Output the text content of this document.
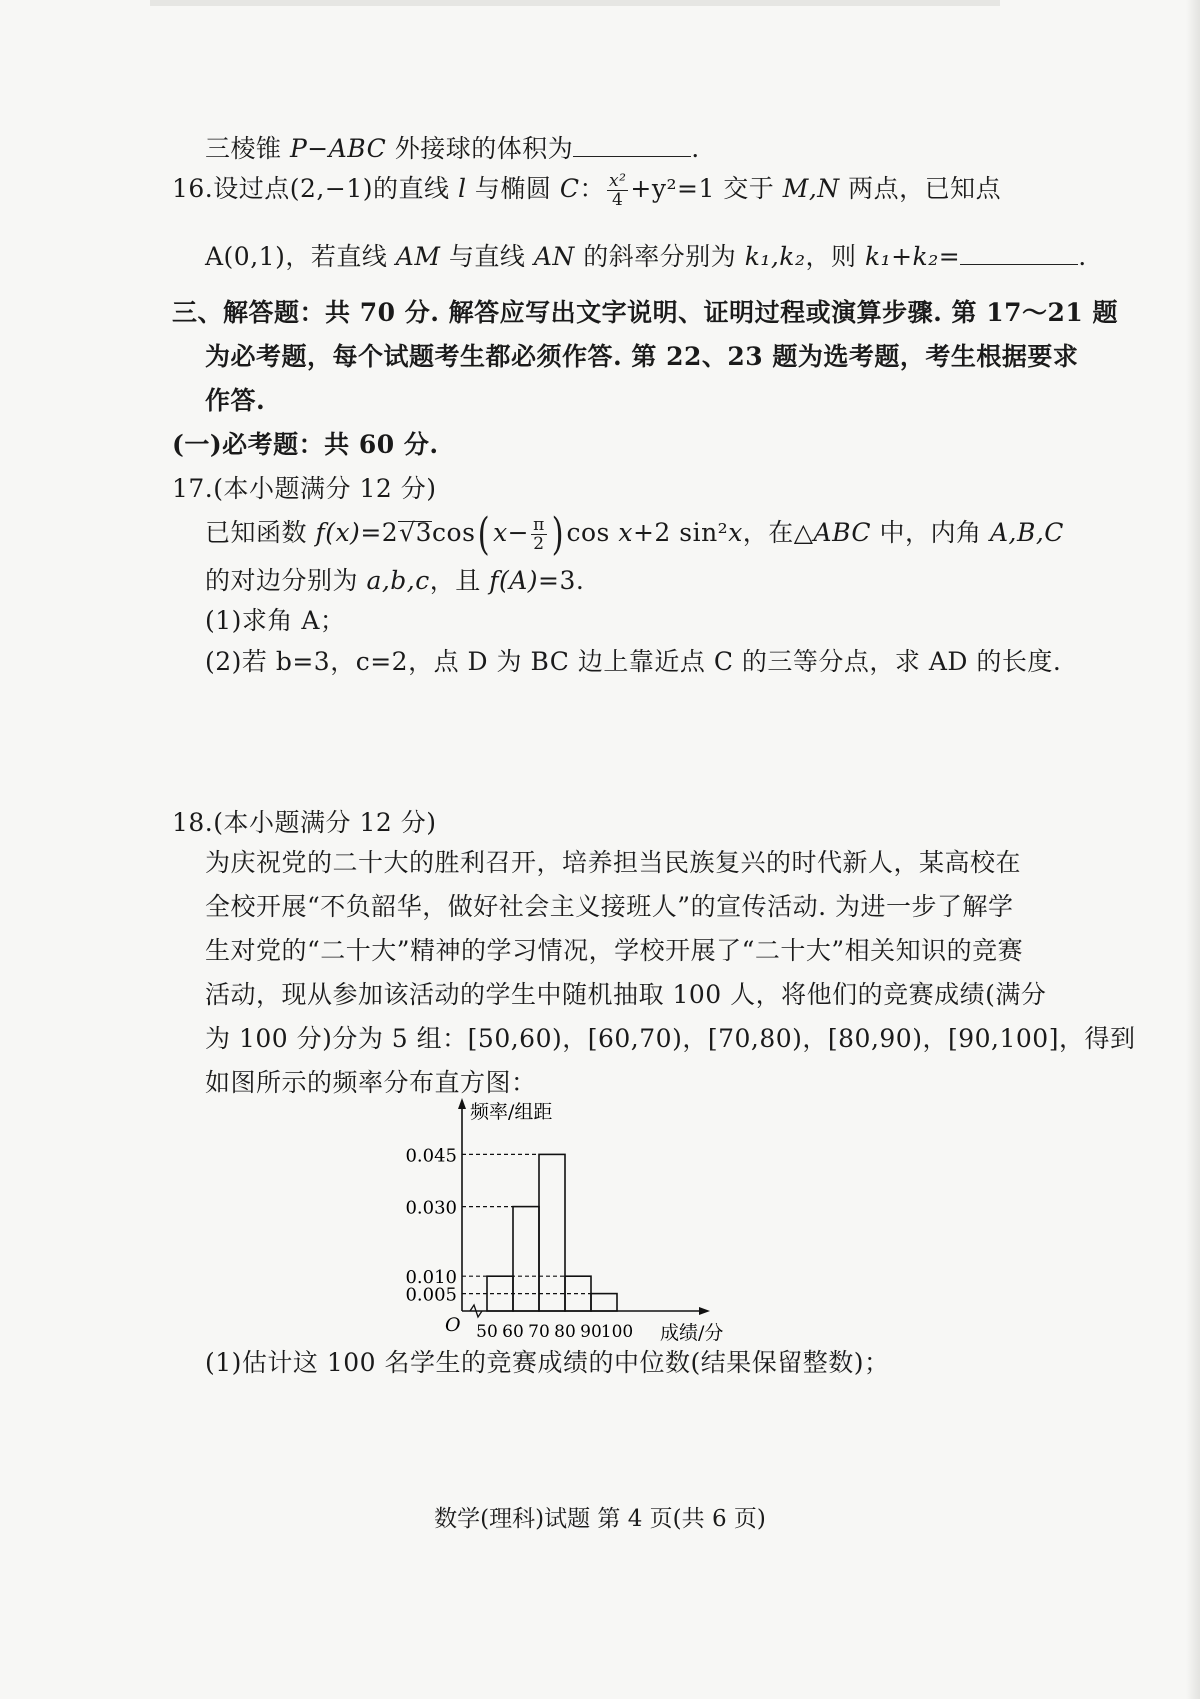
三棱锥 P−ABC 外接球的体积为	.
16.设过点(2,−1)的直线 l 与椭圆 C： $\frac{\text{x²}}{4} +y^2=1$ 交于 M,N 两点，已知点
A(0,1)，若直线 AM 与直线 AN 的斜率分别为 k₁,k₂，则 k₁+k₂=	.
三、解答题：共 70 分. 解答应写出文字说明、证明过程或演算步骤. 第 17～21 题
为必考题，每个试题考生都必须作答. 第 22、23 题为选考题，考生根据要求
作答.
(一)必考题：共 60 分.
17.(本小题满分 12 分)
已知函数 f(x)=2√3cos( $x- \frac{\pi}{2}$ ) cos x+2 sin²x，在△ABC 中，内角 A,B,C
的对边分别为 a,b,c，且 f(A)=3.
(1)求角 A；
(2)若 b=3，c=2，点 D 为 BC 边上靠近点 C 的三等分点，求 AD 的长度.
18.(本小题满分 12 分)
为庆祝党的二十大的胜利召开，培养担当民族复兴的时代新人，某高校在
全校开展“不负韶华，做好社会主义接班人”的宣传活动. 为进一步了解学
生对党的“二十大”精神的学习情况，学校开展了“二十大”相关知识的竞赛
活动，现从参加该活动的学生中随机抽取 100 人，将他们的竞赛成绩(满分
为 100 分)分为 5 组：[50,60)，[60,70)，[70,80)，[80,90)，[90,100]，得到
如图所示的频率分布直方图：
O
频率/组距
成绩/分
0.045
0.030
0.010
0.005
50 60 70 80 90
100
(1)估计这 100 名学生的竞赛成绩的中位数(结果保留整数)；
数学(理科)试题 第 4 页(共 6 页)
